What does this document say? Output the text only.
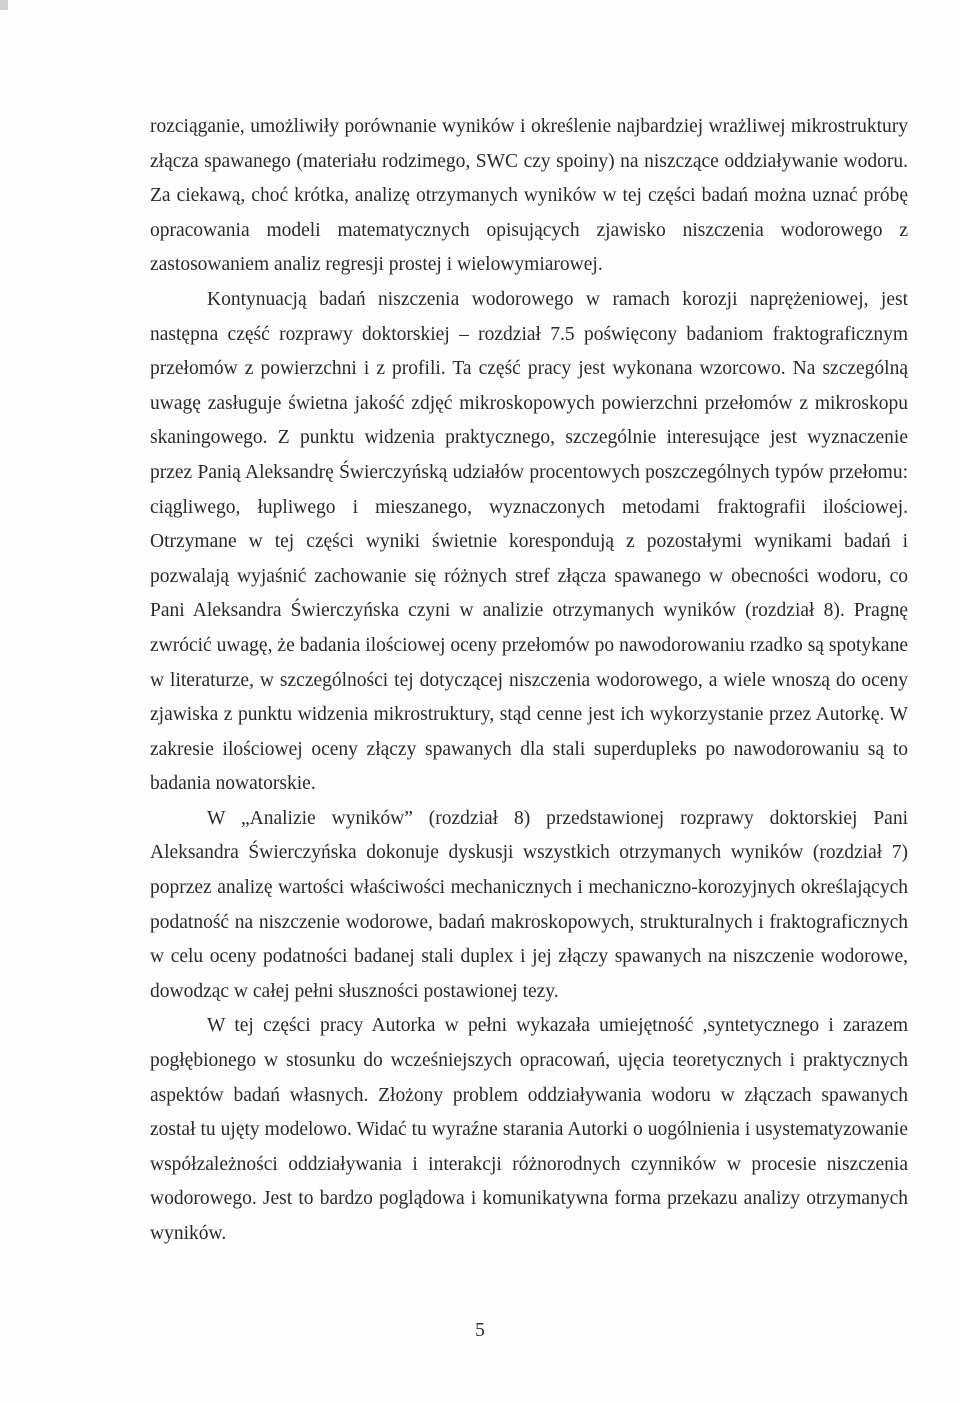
rozciąganie, umożliwiły porównanie wyników i określenie najbardziej wrażliwej mikrostruktury złącza spawanego (materiału rodzimego, SWC czy spoiny) na niszczące oddziaływanie wodoru. Za ciekawą, choć krótka, analizę otrzymanych wyników w tej części badań można uznać próbę opracowania modeli matematycznych opisujących zjawisko niszczenia wodorowego z zastosowaniem analiz regresji prostej i wielowymiarowej.

Kontynuacją badań niszczenia wodorowego w ramach korozji naprężeniowej, jest następna część rozprawy doktorskiej – rozdział 7.5 poświęcony badaniom fraktograficznym przełomów z powierzchni i z profili. Ta część pracy jest wykonana wzorcowo. Na szczególną uwagę zasługuje świetna jakość zdjęć mikroskopowych powierzchni przełomów z mikroskopu skaningowego. Z punktu widzenia praktycznego, szczególnie interesujące jest wyznaczenie przez Panią Aleksandrę Świerczyńską udziałów procentowych poszczególnych typów przełomu: ciągliwego, łupliwego i mieszanego, wyznaczonych metodami fraktografii ilościowej. Otrzymane w tej części wyniki świetnie korespondują z pozostałymi wynikami badań i pozwalają wyjaśnić zachowanie się różnych stref złącza spawanego w obecności wodoru, co Pani Aleksandra Świerczyńska czyni w analizie otrzymanych wyników (rozdział 8). Pragnę zwrócić uwagę, że badania ilościowej oceny przełomów po nawodorowaniu rzadko są spotykane w literaturze, w szczególności tej dotyczącej niszczenia wodorowego, a wiele wnoszą do oceny zjawiska z punktu widzenia mikrostruktury, stąd cenne jest ich wykorzystanie przez Autorkę. W zakresie ilościowej oceny złączy spawanych dla stali superdupleks po nawodorowaniu są to badania nowatorskie.

W „Analizie wyników” (rozdział 8) przedstawionej rozprawy doktorskiej Pani Aleksandra Świerczyńska dokonuje dyskusji wszystkich otrzymanych wyników (rozdział 7) poprzez analizę wartości właściwości mechanicznych i mechaniczno-korozyjnych określających podatność na niszczenie wodorowe, badań makroskopowych, strukturalnych i fraktograficznych w celu oceny podatności badanej stali duplex i jej złączy spawanych na niszczenie wodorowe, dowodząc w całej pełni słuszności postawionej tezy.

W tej części pracy Autorka w pełni wykazała umiejętność ,syntetycznego i zarazem pogłębionego w stosunku do wcześniejszych opracowań, ujęcia teoretycznych i praktycznych aspektów badań własnych. Złożony problem oddziaływania wodoru w złączach spawanych został tu ujęty modelowo. Widać tu wyraźne starania Autorki o uogólnienia i usystematyzowanie współzależności oddziaływania i interakcji różnorodnych czynników w procesie niszczenia wodorowego. Jest to bardzo poglądowa i komunikatywna forma przekazu analizy otrzymanych wyników.

5
